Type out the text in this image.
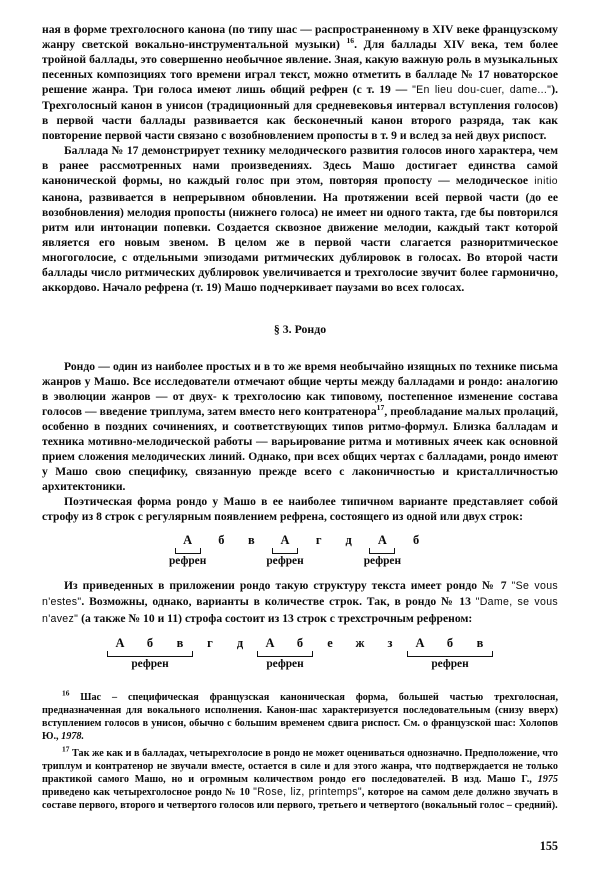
ная в форме трехголосного канона (по типу шас — распространенному в XIV веке французскому жанру светской вокально-инструментальной музыки) $^{16}$. Для баллады XIV века, тем более тройной баллады, это совершенно необычное явление. Зная, какую важную роль в музыкальных песенных композициях того времени играл текст, можно отметить в балладе № 17 новаторское решение жанра. Три голоса имеют лишь общий рефрен (с т. 19 — "En lieu dou-cuer, dame..."). Трехголосный канон в унисон (традиционный для средневековья интервал вступления голосов) в первой части баллады развивается как бесконечный канон второго разряда, так как повторение первой части связано с возобновлением пропосты в т. 9 и вслед за ней двух риспост.

Баллада № 17 демонстрирует технику мелодического развития голосов иного характера, чем в ранее рассмотренных нами произведениях. Здесь Машо достигает единства самой канонической формы, но каждый голос при этом, повторяя пропосту — мелодическое initio канона, развивается в непрерывном обновлении. На протяжении всей первой части (до ее возобновления) мелодия пропосты (нижнего голоса) не имеет ни одного такта, где бы повторился ритм или интонации попевки. Создается сквозное движение мелодии, каждый такт которой является его новым звеном. В целом же в первой части слагается разноритмическое многоголосие, с отдельными эпизодами ритмических дублировок в голосах. Во второй части баллады число ритмических дублировок увеличивается и трехголосие звучит более гармонично, аккордово. Начало рефрена (т. 19) Машо подчеркивает паузами во всех голосах.

§ 3. Рондо

Рондо — один из наиболее простых и в то же время необычайно изящных по технике письма жанров у Машо. Все исследователи отмечают общие черты между балладами и рондо: аналогию в эволюции жанров — от двух- к трехголосию как типовому, постепенное изменение состава голосов — введение триплума, затем вместо него контратенора$^{17}$, преобладание малых пролаций, особенно в поздних сочинениях, и соответствующих типов ритмо-формул. Близка балладам и техника мотивно-мелодической работы — варьирование ритма и мотивных ячеек как основной прием сложения мелодических линий. Однако, при всех общих чертах с балладами, рондо имеют у Машо свою специфику, связанную прежде всего с лаконичностью и кристалличностью архитектоники.

Поэтическая форма рондо у Машо в ее наиболее типичном варианте представляет собой строфу из 8 строк с регулярным появлением рефрена, состоящего из одной или двух строк:

А
рефрен
б	в	А
рефрен
г	д	А
рефрен
б

Из приведенных в приложении рондо такую структуру текста имеет рондо № 7 "Se vous n'estes". Возможны, однако, варианты в количестве строк. Так, в рондо № 13 "Dame, se vous n'avez" (а также № 10 и 11) строфа состоит из 13 строк с трехстрочным рефреном:

А	б	в
рефрен
г	д	А	б
рефрен
е	ж	з	А	б	в
рефрен

$^{16}$ Шас – специфическая французская каноническая форма, большей частью трехголосная, предназначенная для вокального исполнения. Канон-шас характеризуется последовательным (снизу вверх) вступлением голосов в унисон, обычно с большим временем сдвига риспост. См. о французской шас: Холопов Ю., 1978.

$^{17}$ Так же как и в балладах, четырехголосие в рондо не может оцениваться однозначно. Предположение, что триплум и контратенор не звучали вместе, остается в силе и для этого жанра, что подтверждается не только практикой самого Машо, но и огромным количеством рондо его последователей. В изд. Машо Г., 1975 приведено как четырехголосное рондо № 10 "Rose, liz, printemps", которое на самом деле должно звучать в составе первого, второго и четвертого голосов или первого, третьего и четвертого (вокальный голос – средний).

155
